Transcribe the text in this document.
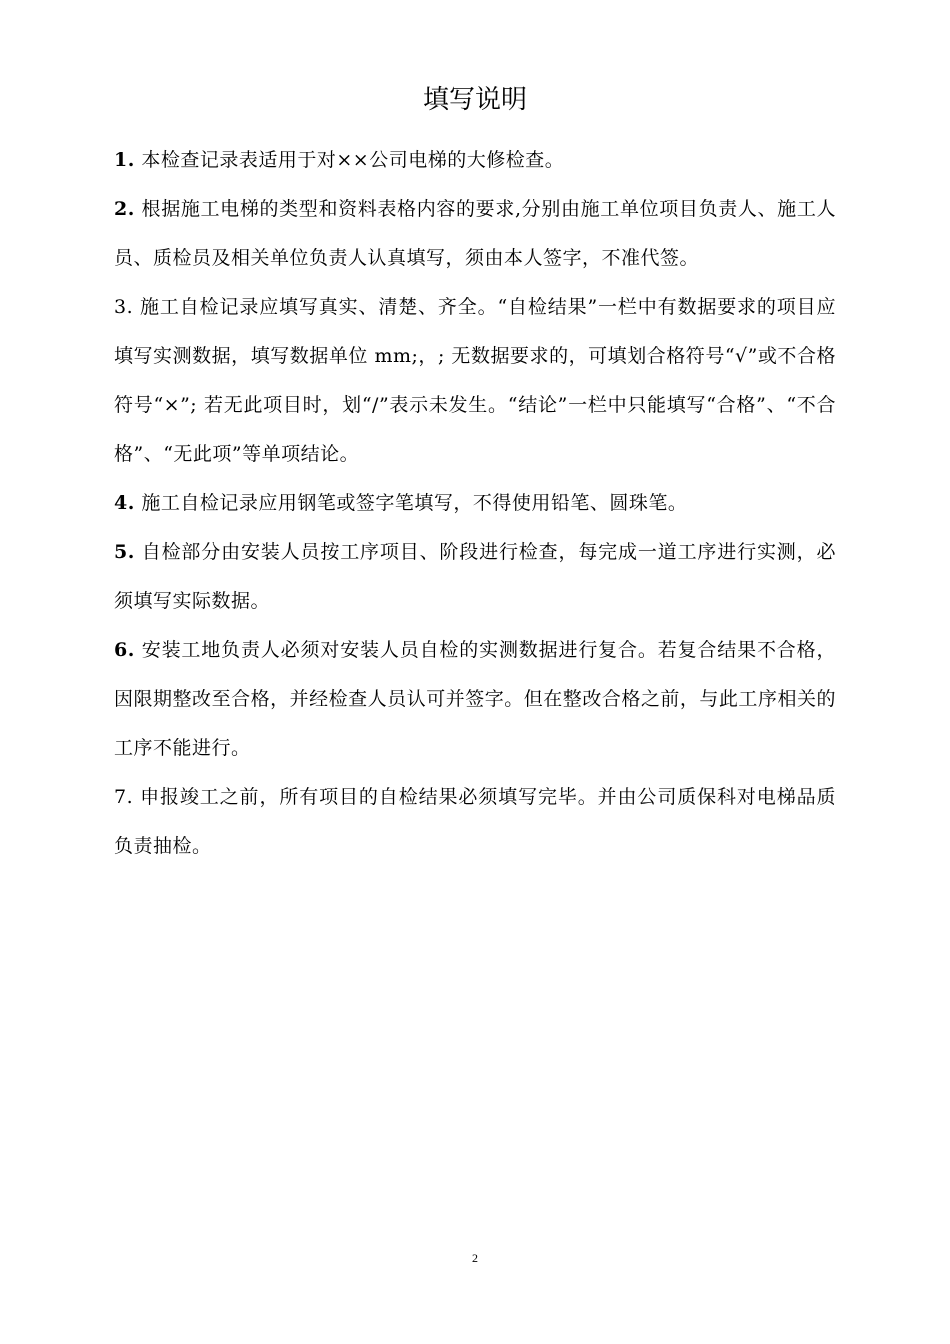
填写说明

1. 本检查记录表适用于对××公司电梯的大修检查。

2. 根据施工电梯的类型和资料表格内容的要求,分别由施工单位项目负责人、施工人员、质检员及相关单位负责人认真填写，须由本人签字，不准代签。

3. 施工自检记录应填写真实、清楚、齐全。“自检结果”一栏中有数据要求的项目应填写实测数据，填写数据单位 mm;，; 无数据要求的，可填划合格符号“√”或不合格符号“×”; 若无此项目时，划“/”表示未发生。“结论”一栏中只能填写“合格”、“不合格”、“无此项”等单项结论。

4. 施工自检记录应用钢笔或签字笔填写，不得使用铅笔、圆珠笔。

5. 自检部分由安装人员按工序项目、阶段进行检查，每完成一道工序进行实测，必须填写实际数据。

6. 安装工地负责人必须对安装人员自检的实测数据进行复合。若复合结果不合格，因限期整改至合格，并经检查人员认可并签字。但在整改合格之前，与此工序相关的工序不能进行。

7. 申报竣工之前，所有项目的自检结果必须填写完毕。并由公司质保科对电梯品质负责抽检。

2
